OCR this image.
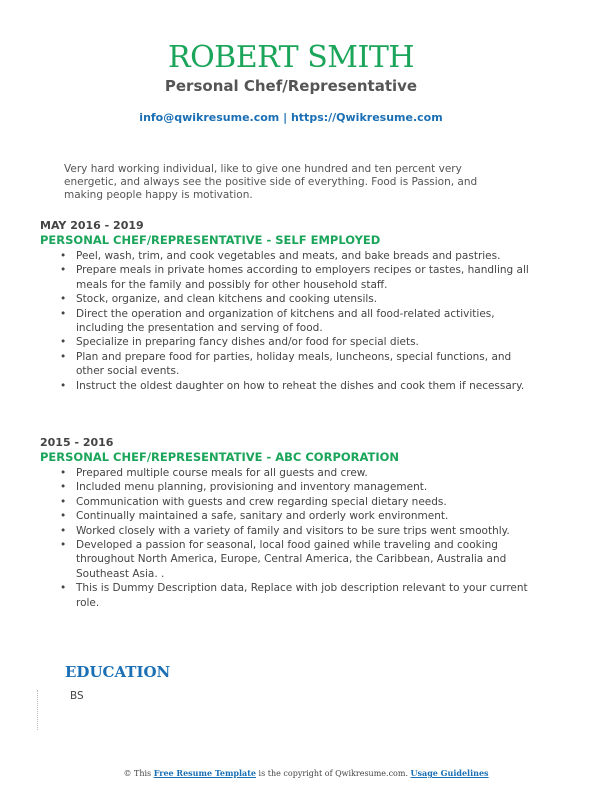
ROBERT SMITH
Personal Chef/Representative
info@qwikresume.com | https://Qwikresume.com
Very hard working individual, like to give one hundred and ten percent very energetic, and always see the positive side of everything. Food is Passion, and making people happy is motivation.
MAY 2016 - 2019
PERSONAL CHEF/REPRESENTATIVE - SELF EMPLOYED
• Peel, wash, trim, and cook vegetables and meats, and bake breads and pastries.
• Prepare meals in private homes according to employers recipes or tastes, handling all meals for the family and possibly for other household staff.
• Stock, organize, and clean kitchens and cooking utensils.
• Direct the operation and organization of kitchens and all food-related activities, including the presentation and serving of food.
• Specialize in preparing fancy dishes and/or food for special diets.
• Plan and prepare food for parties, holiday meals, luncheons, special functions, and other social events.
• Instruct the oldest daughter on how to reheat the dishes and cook them if necessary.
2015 - 2016
PERSONAL CHEF/REPRESENTATIVE - ABC CORPORATION
• Prepared multiple course meals for all guests and crew.
• Included menu planning, provisioning and inventory management.
• Communication with guests and crew regarding special dietary needs.
• Continually maintained a safe, sanitary and orderly work environment.
• Worked closely with a variety of family and visitors to be sure trips went smoothly.
• Developed a passion for seasonal, local food gained while traveling and cooking throughout North America, Europe, Central America, the Caribbean, Australia and Southeast Asia. .
• This is Dummy Description data, Replace with job description relevant to your current role.
EDUCATION
BS
© This Free Resume Template is the copyright of Qwikresume.com. Usage Guidelines
